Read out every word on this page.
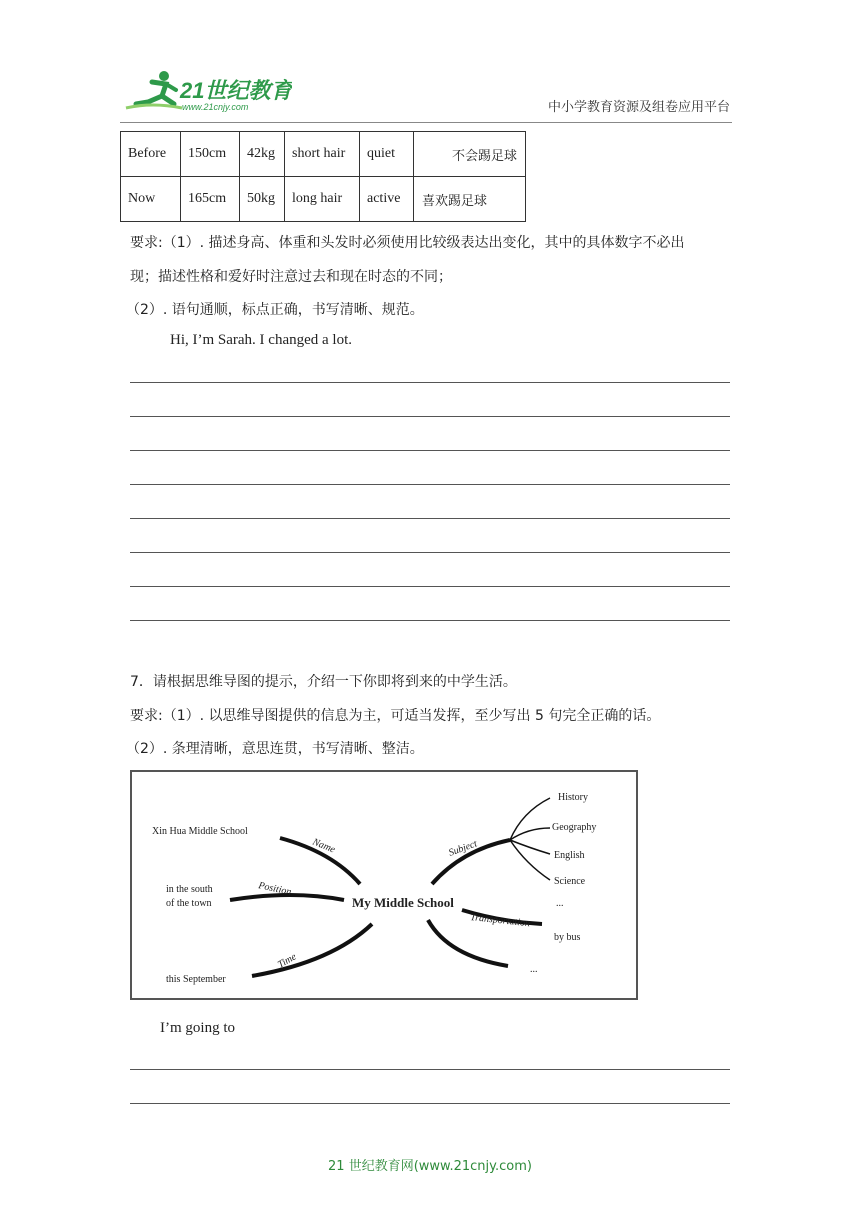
21世纪教育
www.21cnjy.com	中小学教育资源及组卷应用平台
Before	150cm	42kg	short hair	quiet	不会踢足球
Now	165cm	50kg	long hair	active	喜欢踢足球
要求:（1）. 描述身高、体重和头发时必须使用比较级表达出变化，其中的具体数字不必出
现；描述性格和爱好时注意过去和现在时态的不同；
（2）. 语句通顺，标点正确，书写清晰、规范。
Hi, I’m Sarah. I changed a lot.
7．请根据思维导图的提示，介绍一下你即将到来的中学生活。
要求:（1）. 以思维导图提供的信息为主，可适当发挥，至少写出 5 句完全正确的话。
（2）. 条理清晰，意思连贯，书写清晰、整洁。
My Middle School
Name
Xin Hua Middle School
Position
in the south
of the town
Time
this September
Subject
History
Geography
English
Science
...
Transportation
by bus
...
I’m going to
21 世纪教育网(www.21cnjy.com)
